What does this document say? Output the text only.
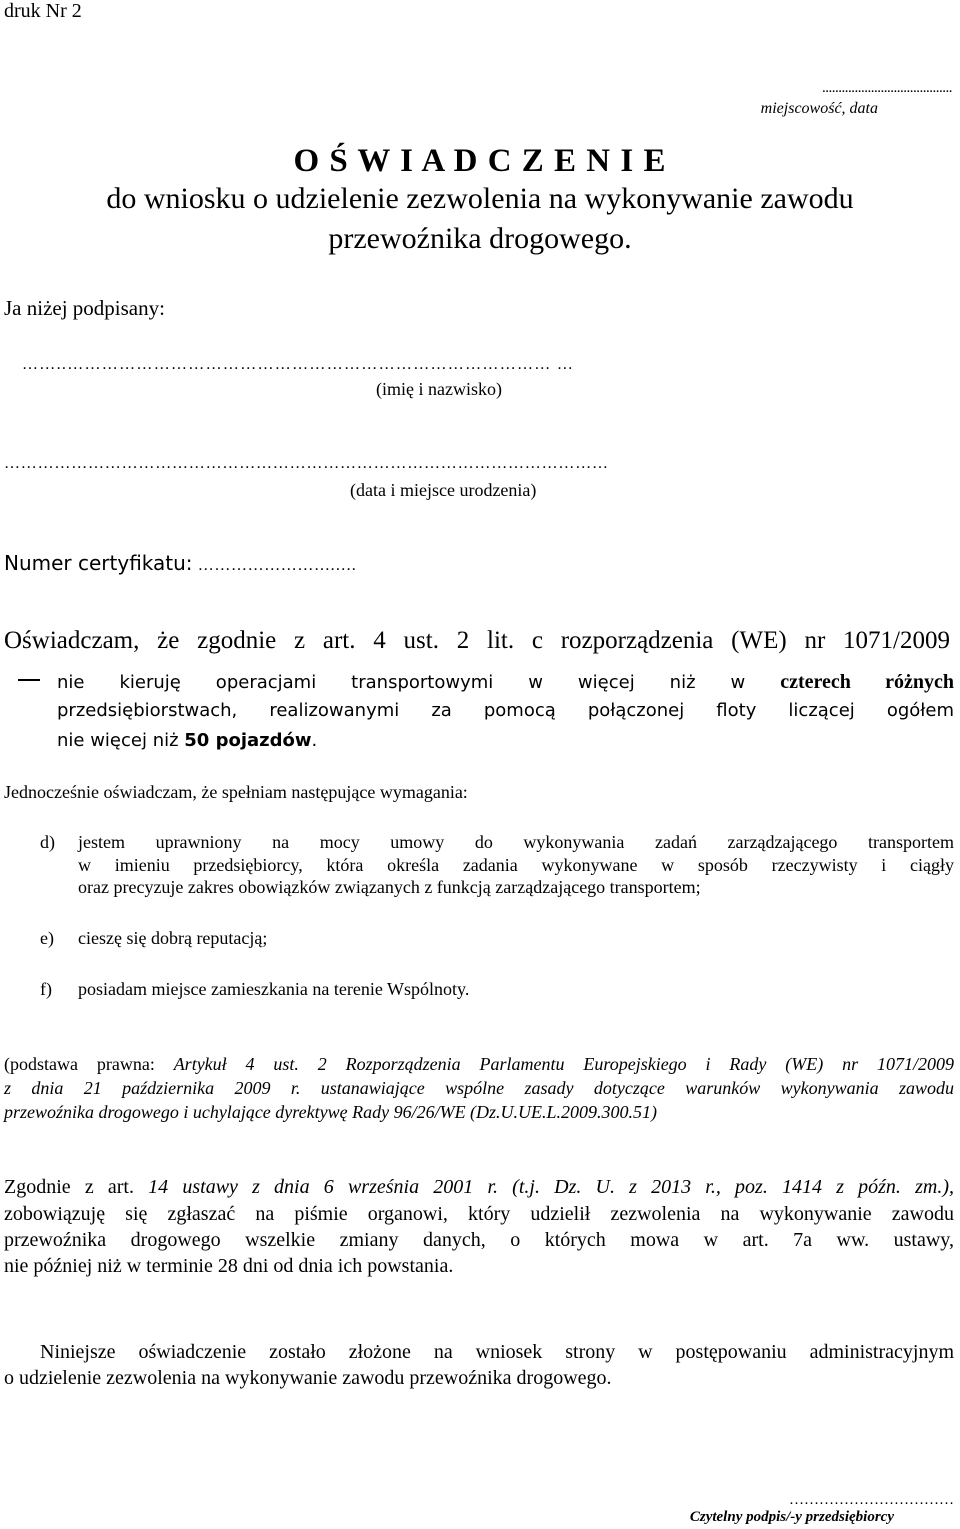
druk Nr 2
........................................
miejscowość, data
O Ś W I A D C Z E N I E
do wniosku o udzielenie zezwolenia na wykonywanie zawodu
przewoźnika drogowego.
Ja niżej podpisany:
……..………………………………………………………………………… …
(imię i nazwisko)
………………………………………………………………………………………………
(data i miejsce urodzenia)
Numer certyfikatu: …………………….….
Oświadczam, że zgodnie z art. 4 ust. 2 lit. c rozporządzenia (WE) nr 1071/2009
nie kieruję operacjami transportowymi w więcej niż w czterech różnych
przedsiębiorstwach, realizowanymi za pomocą połączonej floty liczącej ogółem
nie więcej niż 50 pojazdów.
Jednocześnie oświadczam, że spełniam następujące wymagania:
d) jestem uprawniony na mocy umowy do wykonywania zadań zarządzającego transportem
w imieniu przedsiębiorcy, która określa zadania wykonywane w sposób rzeczywisty i ciągły
oraz precyzuje zakres obowiązków związanych z funkcją zarządzającego transportem;
e) cieszę się dobrą reputacją;
f) posiadam miejsce zamieszkania na terenie Wspólnoty.
(podstawa prawna: Artykuł 4 ust. 2 Rozporządzenia Parlamentu Europejskiego i Rady (WE) nr 1071/2009
z dnia 21 października 2009 r. ustanawiające wspólne zasady dotyczące warunków wykonywania zawodu
przewoźnika drogowego i uchylające dyrektywę Rady 96/26/WE (Dz.U.UE.L.2009.300.51)
Zgodnie z art. 14 ustawy z dnia 6 września 2001 r. (t.j. Dz. U. z 2013 r., poz. 1414 z późn. zm.),
zobowiązuję się zgłaszać na piśmie organowi, który udzielił zezwolenia na wykonywanie zawodu
przewoźnika drogowego wszelkie zmiany danych, o których mowa w art. 7a ww. ustawy,
nie później niż w terminie 28 dni od dnia ich powstania.
Niniejsze oświadczenie zostało złożone na wniosek strony w postępowaniu administracyjnym
o udzielenie zezwolenia na wykonywanie zawodu przewoźnika drogowego.
……………………………
Czytelny podpis/-y przedsiębiorcy
